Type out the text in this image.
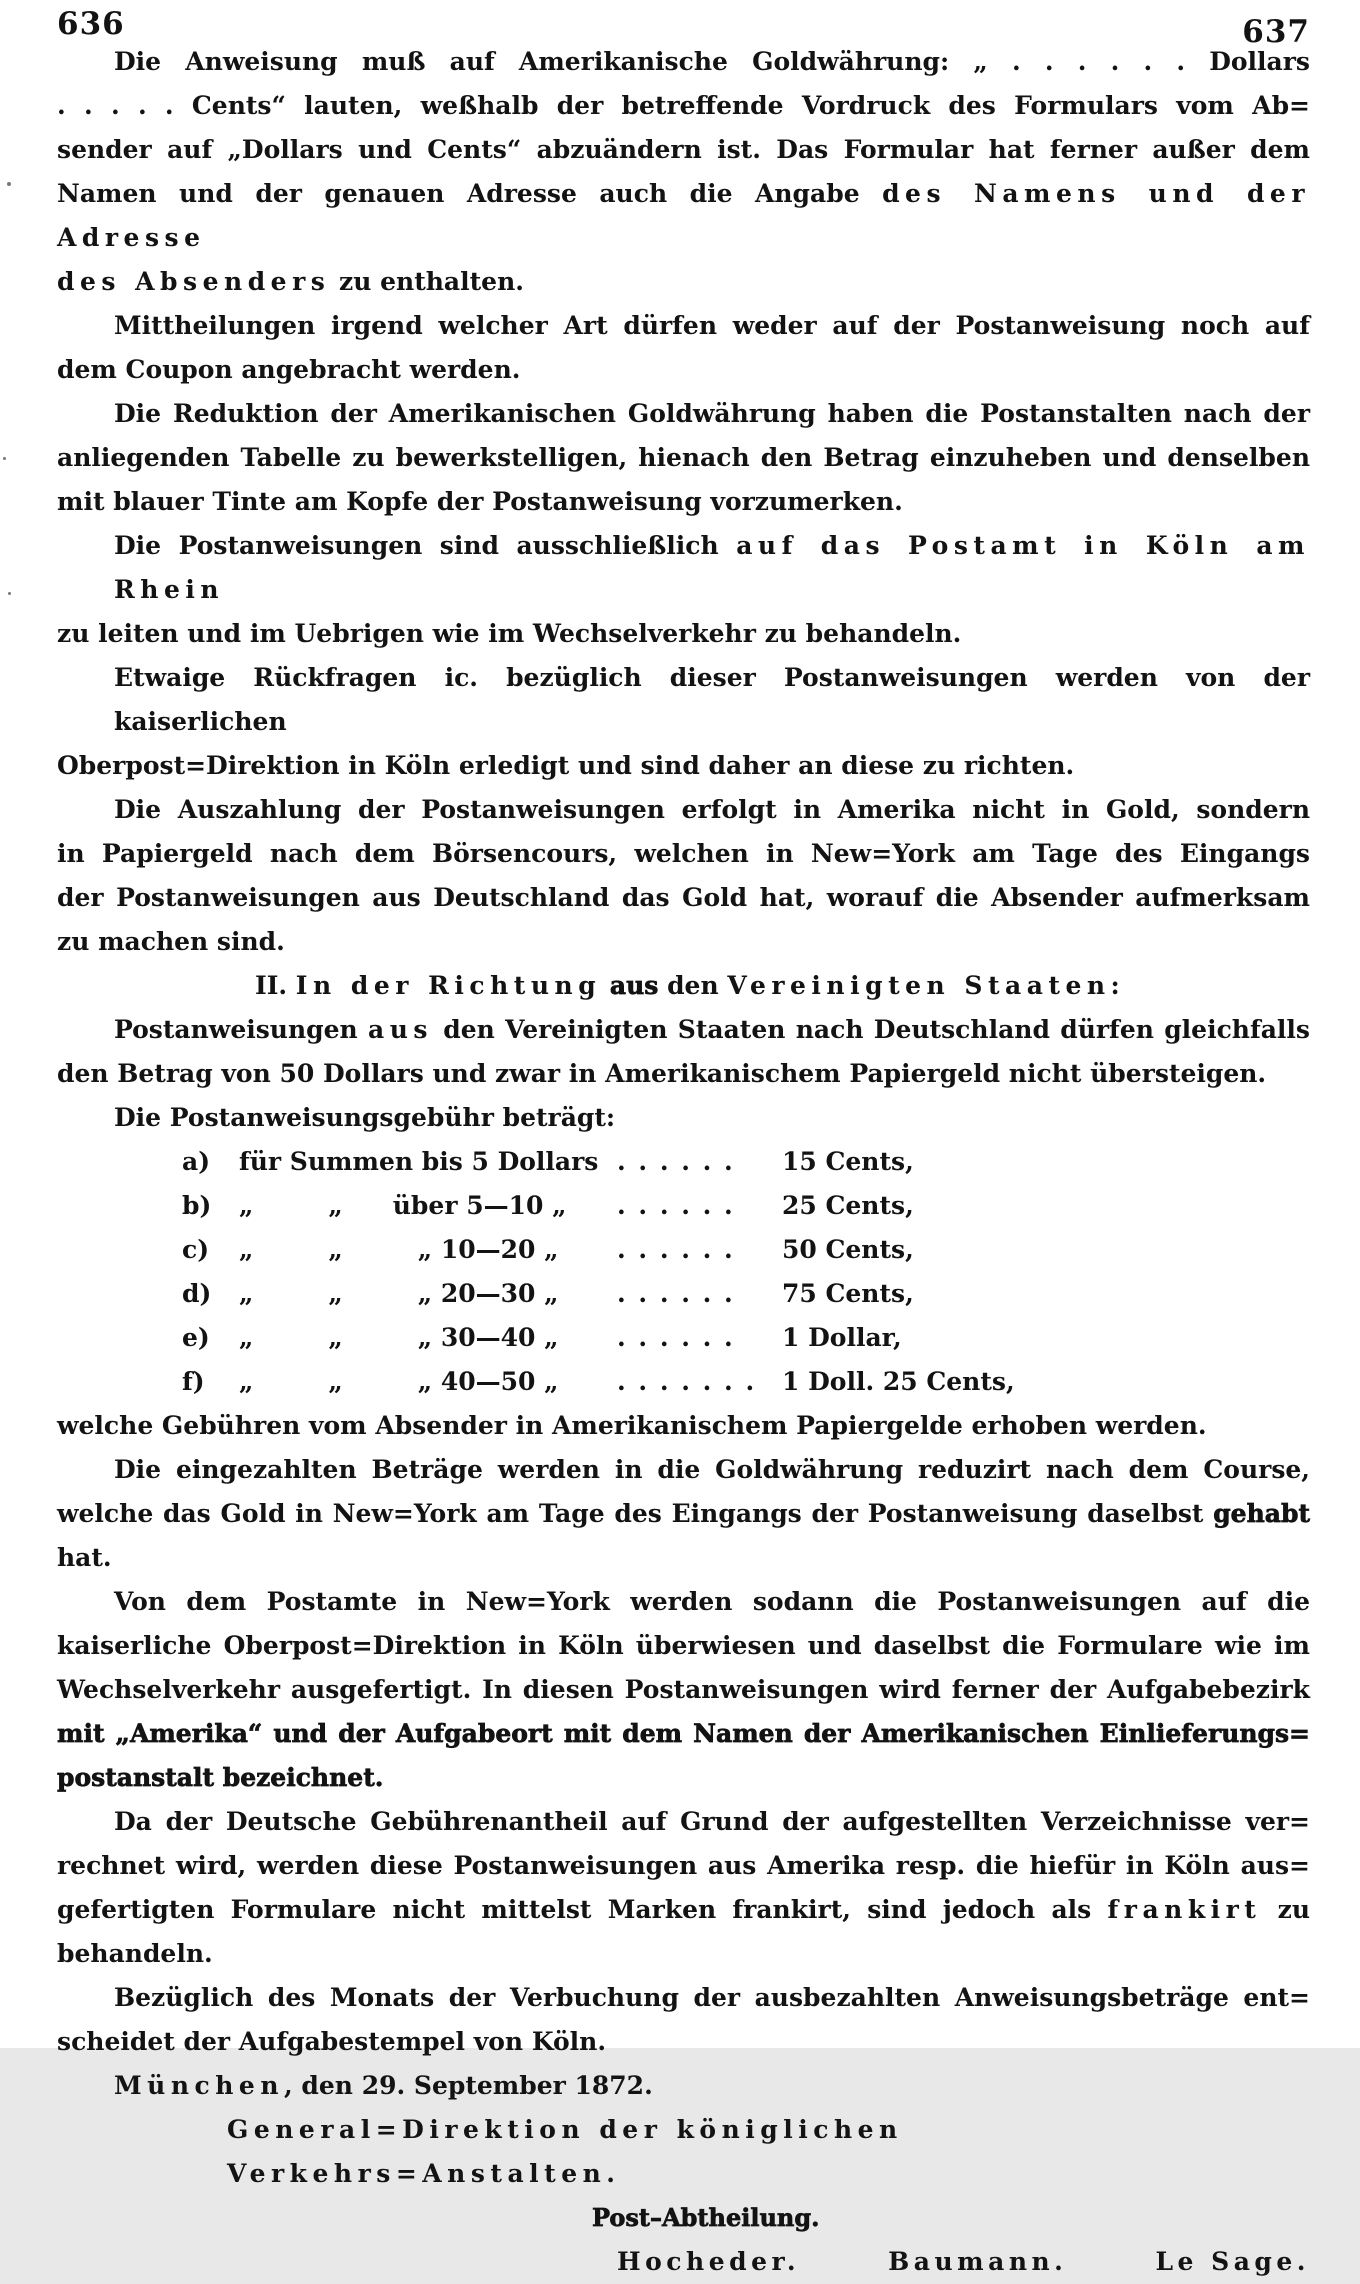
636	637
Die Anweisung muß auf Amerikanische Goldwährung: „ . . . . . . Dollars
. . . . . Cents“ lauten, weßhalb der betreffende Vordruck des Formulars vom Ab=
sender auf „Dollars und Cents“ abzuändern ist. Das Formular hat ferner außer dem
Namen und der genauen Adresse auch die Angabe des Namens und der Adresse
des Absenders zu enthalten.
Mittheilungen irgend welcher Art dürfen weder auf der Postanweisung noch auf
dem Coupon angebracht werden.
Die Reduktion der Amerikanischen Goldwährung haben die Postanstalten nach der
anliegenden Tabelle zu bewerkstelligen, hienach den Betrag einzuheben und denselben
mit blauer Tinte am Kopfe der Postanweisung vorzumerken.
Die Postanweisungen sind ausschließlich auf das Postamt in Köln am Rhein
zu leiten und im Uebrigen wie im Wechselverkehr zu behandeln.
Etwaige Rückfragen ic. bezüglich dieser Postanweisungen werden von der kaiserlichen
Oberpost=Direktion in Köln erledigt und sind daher an diese zu richten.
Die Auszahlung der Postanweisungen erfolgt in Amerika nicht in Gold, sondern
in Papiergeld nach dem Börsencours, welchen in New=York am Tage des Eingangs
der Postanweisungen aus Deutschland das Gold hat, worauf die Absender aufmerksam
zu machen sind.
II. In der Richtung aus den Vereinigten Staaten:
Postanweisungen aus den Vereinigten Staaten nach Deutschland dürfen gleichfalls
den Betrag von 50 Dollars und zwar in Amerikanischem Papiergeld nicht übersteigen.
Die Postanweisungsgebühr beträgt:
a)	für Summen bis 5 Dollars . . . . . .	15 Cents,
b)	„   „  über 5—10 „	. . . . . .	25 Cents,
c)	„   „   „ 10—20 „	. . . . . .	50 Cents,
d)	„   „   „ 20—30 „	. . . . . .	75 Cents,
e)	„   „   „ 30—40 „	. . . . . .	1 Dollar,
f)	„   „   „ 40—50 „	. . . . . . .	1 Doll. 25 Cents,
welche Gebühren vom Absender in Amerikanischem Papiergelde erhoben werden.
Die eingezahlten Beträge werden in die Goldwährung reduzirt nach dem Course,
welche das Gold in New=York am Tage des Eingangs der Postanweisung daselbst gehabt hat.
Von dem Postamte in New=York werden sodann die Postanweisungen auf die
kaiserliche Oberpost=Direktion in Köln überwiesen und daselbst die Formulare wie im
Wechselverkehr ausgefertigt. In diesen Postanweisungen wird ferner der Aufgabebezirk
mit „Amerika“ und der Aufgabeort mit dem Namen der Amerikanischen Einlieferungs=
postanstalt bezeichnet.
Da der Deutsche Gebührenantheil auf Grund der aufgestellten Verzeichnisse ver=
rechnet wird, werden diese Postanweisungen aus Amerika resp. die hiefür in Köln aus=
gefertigten Formulare nicht mittelst Marken frankirt, sind jedoch als frankirt zu behandeln.
Bezüglich des Monats der Verbuchung der ausbezahlten Anweisungsbeträge ent=
scheidet der Aufgabestempel von Köln.
München, den 29. September 1872.
General=Direktion der königlichen Verkehrs=Anstalten.
Post–Abtheilung.
Hocheder.	Baumann.	Le Sage.
